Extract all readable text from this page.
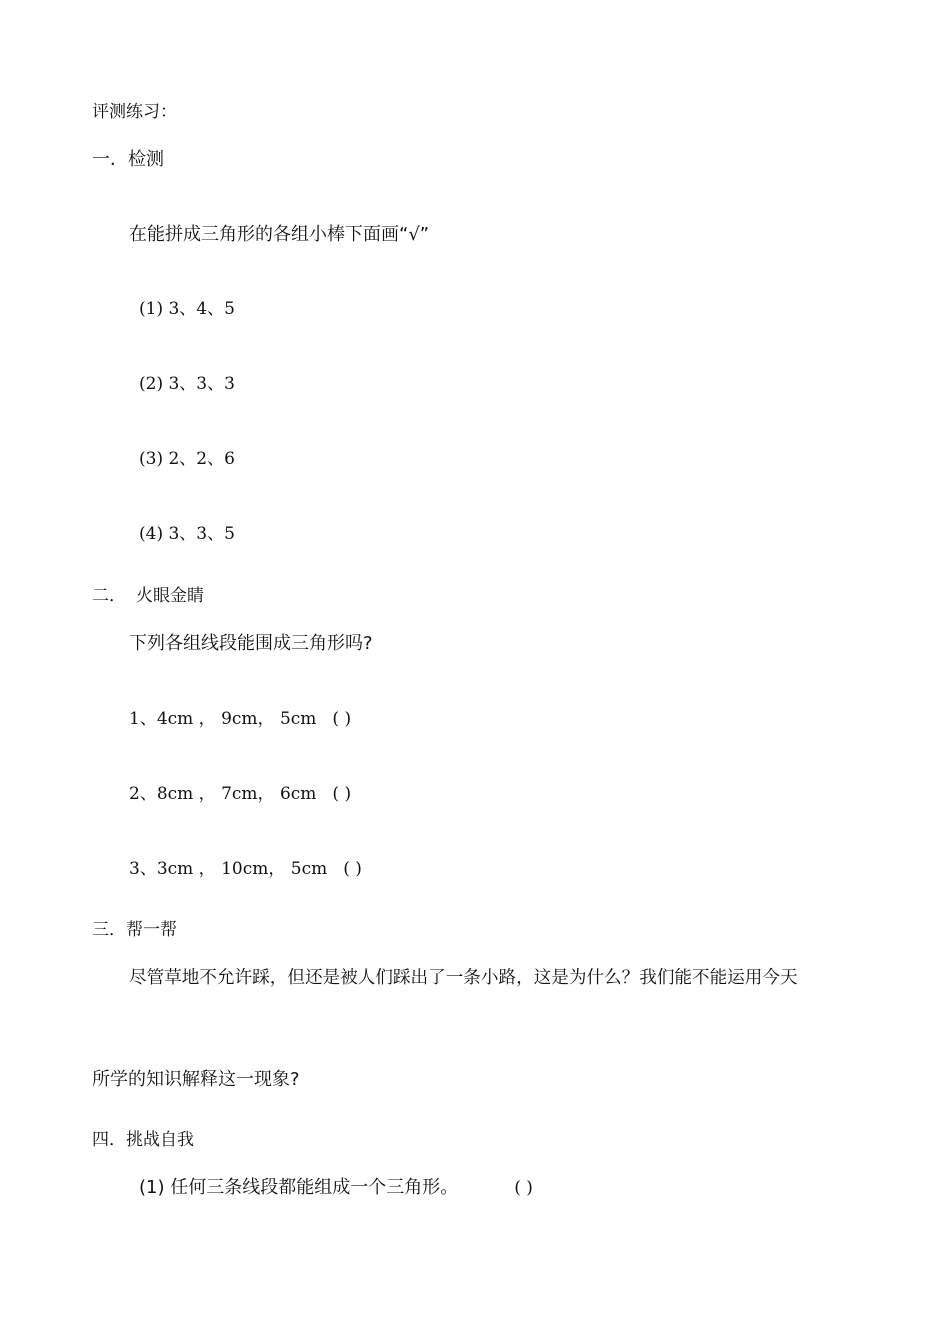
评测练习：
一．检测
在能拼成三角形的各组小棒下面画“√”
(1) 3、4、5
(2) 3、3、3
(3) 2、2、6
(4) 3、3、5
二． 火眼金睛
下列各组线段能围成三角形吗?
1、4cm ， 9cm， 5cm ( )
2、8cm ， 7cm， 6cm ( )
3、3cm ， 10cm， 5cm ( )
三．帮一帮
尽管草地不允许踩，但还是被人们踩出了一条小路，这是为什么？我们能不能运用今天
所学的知识解释这一现象?
四．挑战自我
(1) 任何三条线段都能组成一个三角形。	( )
